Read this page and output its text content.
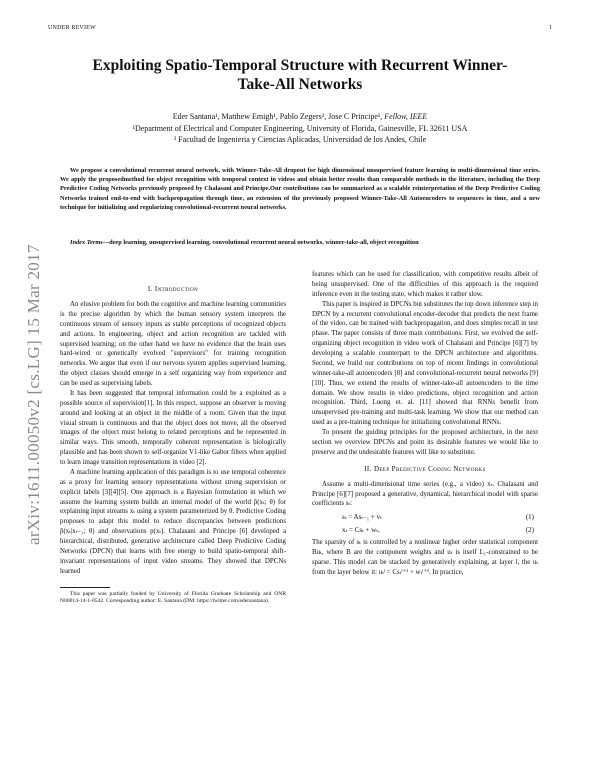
UNDER REVIEW	1
arXiv:1611.00050v2 [cs.LG] 15 Mar 2017
Exploiting Spatio-Temporal Structure with Recurrent Winner-Take-All Networks
Eder Santana¹, Matthew Emigh¹, Pablo Zegers², Jose C Principe¹, Fellow, IEEE
¹Department of Electrical and Computer Engineering, University of Florida, Gainesville, FL 32611 USA
² Facultad de Ingenieria y Ciencias Aplicadas, Universidad de los Andes, Chile

We propose a convolutional recurrent neural network, with Winner-Take-All dropout for high dimensional unsupervised feature learning in multi-dimensional time series. We apply the proposedmethod for object recognition with temporal context in videos and obtain better results than comparable methods in the literature, including the Deep Predictive Coding Networks previously proposed by Chalasani and Principe.Our contributions can be summarized as a scalable reinterpretation of the Deep Predictive Coding Networks trained end-to-end with backpropagation through time, an extension of the previously proposed Winner-Take-All Autoencoders to sequences in time, and a new technique for initializing and regularizing convolutional-recurrent neural networks.

Index Terms—deep learning, unsupervised learning, convolutional recurrent neural networks, winner-take-all, object recognition

I. Introduction

An elusive problem for both the cognitive and machine learning communities is the precise algorithm by which the human sensory system interprets the continuous stream of sensory inputs as stable perceptions of recognized objects and actions. In engineering, object and action recognition are tackled with supervised learning; on the other hand we have no evidence that the brain uses hard-wired or genetically evolved "supervisors" for training recognition networks. We argue that even if our nervous system applies supervised learning, the object classes should emerge in a self organizing way from experience and can be used as supervising labels.

It has been suggested that temporal information could be a exploited as a possible source of supervision[1]. In this respect, suppose an observer is moving around and looking at an object in the middle of a room. Given that the input visual stream is continuous and that the object does not move, all the observed images of the object must belong to related perceptions and be represented in similar ways. This smooth, temporally coherent representation is biologically plausible and has been shown to self-organize V1-like Gabor filters when applied to learn image transition representations in video [2].

A machine learning application of this paradigm is to use temporal coherence as a proxy for learning sensory representations without strong supervision or explicit labels [3][4][5]. One approach is a Bayesian formulation in which we assume the learning system builds an internal model of the world p̂(xₜ; θ) for explaining input streams xₜ using a system parameterized by θ. Predictive Coding proposes to adapt this model to reduce discrepancies between predictions p̂(xₜ|xₜ₋₁; θ) and observations p(xₜ). Chalasani and Principe [6] developed a hierarchical, distributed, generative architecture called Deep Predictive Coding Networks (DPCN) that learns with free energy to build spatio-temporal shift-invariant representations of input video streams. They showed that DPCNs learned

This paper was partially funded by University of Florida Graduate Scholarship and ONR N00014-14-1-0542. Corresponding author: E. Santana (DM: https://twitter.com/edersantana).

features which can be used for classification, with competitive results albeit of being unsupervised. One of the difficulties of this approach is the required inference even in the testing state, which makes it rather slow.

This paper is inspired in DPCNs but substitutes the top down inference step in DPCN by a recurrent convolutional encoder-decoder that predicts the next frame of the video, can be trained with backpropagation, and does simples recall in test phase. The paper consists of three main contributions. First, we evolved the self-organizing object recognition in video work of Chalasani and Principe [6][7] by developing a scalable counterpart to the DPCN architecture and algorithms. Second, we build our contributions on top of recent findings in convolutional winner-take-all autoencoders [8] and convolutional-recurrent neural networks [9][10]. Thus, we extend the results of winner-take-all autoencoders to the time domain. We show results in video predictions, object recognition and action recognition. Third, Luong et. al. [11] showed that RNNs benefit from unsupervised pre-training and multi-task learning. We show that our method can used as a pre-training technique for initializing convolutional RNNs.

To present the guiding principles for the proposed architecture, in the next section we overview DPCNs and point its desirable features we would like to preserve and the undesirable features will like to substitute.

II. Deep Predictive Coding Networks

Assume a multi-dimensional time series (e.g., a video) xₜ. Chalasani and Principe [6][7] proposed a generative, dynamical, hierarchical model with sparse coefficients sₜ:

sₜ = Asₜ₋₁ + vₜ	(1)
xₜ = Csₜ + wₜ,	(2)

The sparsity of sₜ is controlled by a nonlinear higher order statistical component Buₜ, where B are the component weights and uₜ is itself L₁-constrained to be sparse. This model can be stacked by generatively explaining, at layer l, the uₜ from the layer below it: uₜˡ = Csₜˡ⁺¹ + wₜˡ⁺¹. In practice,
